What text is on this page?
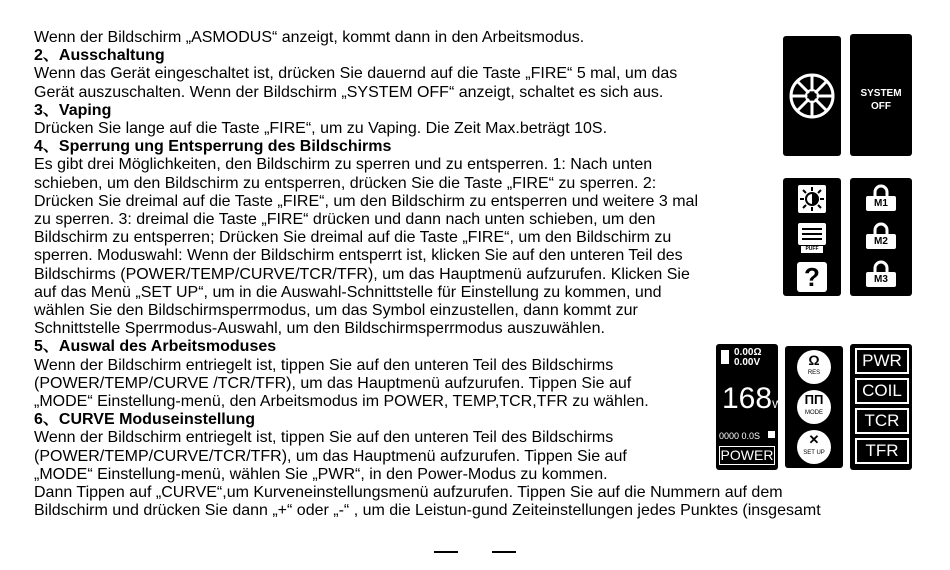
Wenn der Bildschirm „ASMODUS“ anzeigt, kommt dann in den Arbeitsmodus.
2、Ausschaltung
Wenn das Gerät eingeschaltet ist, drücken Sie dauernd auf die Taste „FIRE“ 5 mal, um das
Gerät auszuschalten. Wenn der Bildschirm „SYSTEM OFF“ anzeigt, schaltet es sich aus.
3、Vaping
Drücken Sie lange auf die Taste „FIRE“, um zu Vaping. Die Zeit Max.beträgt 10S.
4、Sperrung ung Entsperrung des Bildschirms
Es gibt drei Möglichkeiten, den Bildschirm zu sperren und zu entsperren. 1: Nach unten
schieben, um den Bildschirm zu entsperren, drücken Sie die Taste „FIRE“ zu sperren. 2:
Drücken Sie dreimal auf die Taste „FIRE“, um den Bildschirm zu entsperren und weitere 3 mal
zu sperren. 3: dreimal die Taste „FIRE“ drücken und dann nach unten schieben, um den
Bildschirm zu entsperren; Drücken Sie dreimal auf die Taste „FIRE“, um den Bildschirm zu
sperren. Moduswahl: Wenn der Bildschirm entsperrt ist, klicken Sie auf den unteren Teil des
Bildschirms (POWER/TEMP/CURVE/TCR/TFR), um das Hauptmenü aufzurufen. Klicken Sie
auf das Menü „SET UP“, um in die Auswahl-Schnittstelle für Einstellung zu kommen, und
wählen Sie den Bildschirmsperrmodus, um das Symbol einzustellen, dann kommt zur
Schnittstelle Sperrmodus-Auswahl, um den Bildschirmsperrmodus auszuwählen.
5、Auswal des Arbeitsmoduses
Wenn der Bildschirm entriegelt ist, tippen Sie auf den unteren Teil des Bildschirms
(POWER/TEMP/CURVE /TCR/TFR), um das Hauptmenü aufzurufen. Tippen Sie auf
„MODE“ Einstellung-menü, den Arbeitsmodus im POWER, TEMP,TCR,TFR zu wählen.
6、CURVE Moduseinstellung
Wenn der Bildschirm entriegelt ist, tippen Sie auf den unteren Teil des Bildschirms
(POWER/TEMP/CURVE/TCR/TFR), um das Hauptmenü aufzurufen. Tippen Sie auf
„MODE“ Einstellung-menü, wählen Sie „PWR“, in den Power-Modus zu kommen.
Dann Tippen auf „CURVE“,um Kurveneinstellungsmenü aufzurufen. Tippen Sie auf die Nummern auf dem
Bildschirm und drücken Sie dann „+“ oder „-“ , um die Leistun-gund Zeiteinstellungen jedes Punktes (insgesamt
SYSTEM
OFF
PUFF
?
M1
M2
M3
0.00Ω
0.00V
168W
0000 0.0S
POWER
Ω
RES
ΠΠ
MODE
✕
SET UP
PWR
COIL
TCR
TFR
